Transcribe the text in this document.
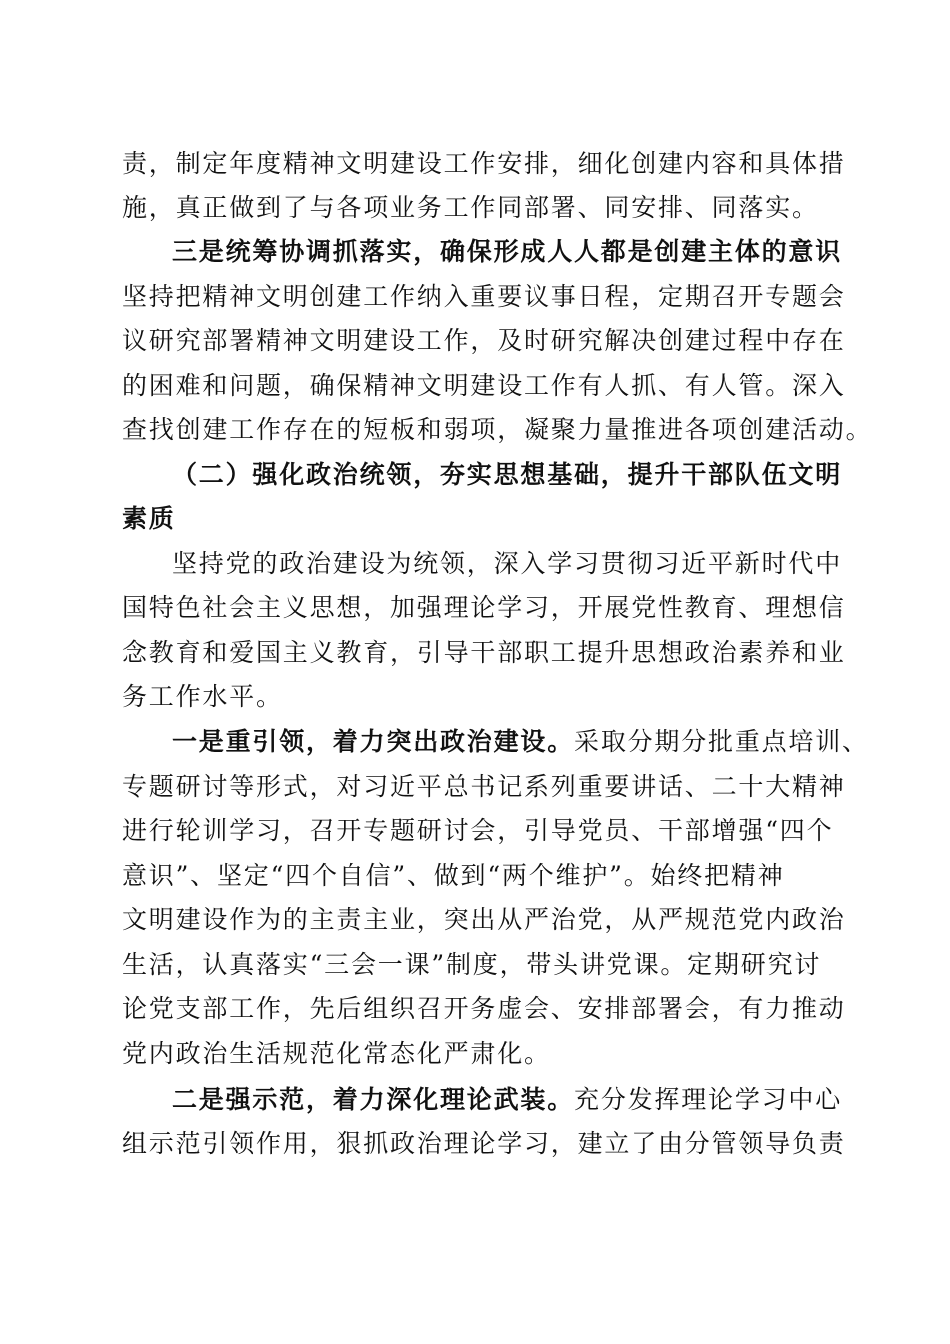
责，制定年度精神文明建设工作安排，细化创建内容和具体措
施，真正做到了与各项业务工作同部署、同安排、同落实。
三是统筹协调抓落实，确保形成人人都是创建主体的意识
坚持把精神文明创建工作纳入重要议事日程，定期召开专题会
议研究部署精神文明建设工作，及时研究解决创建过程中存在
的困难和问题，确保精神文明建设工作有人抓、有人管。深入
查找创建工作存在的短板和弱项，凝聚力量推进各项创建活动。
（二）强化政治统领，夯实思想基础，提升干部队伍文明
素质
坚持党的政治建设为统领，深入学习贯彻习近平新时代中
国特色社会主义思想，加强理论学习，开展党性教育、理想信
念教育和爱国主义教育，引导干部职工提升思想政治素养和业
务工作水平。
一是重引领，着力突出政治建设。采取分期分批重点培训、
专题研讨等形式，对习近平总书记系列重要讲话、二十大精神
进行轮训学习，召开专题研讨会，引导党员、干部增强“四个
意识”、坚定“四个自信”、做到“两个维护”。始终把精神
文明建设作为的主责主业，突出从严治党，从严规范党内政治
生活，认真落实“三会一课”制度，带头讲党课。定期研究讨
论党支部工作，先后组织召开务虚会、安排部署会，有力推动
党内政治生活规范化常态化严肃化。
二是强示范，着力深化理论武装。充分发挥理论学习中心
组示范引领作用，狠抓政治理论学习，建立了由分管领导负责
